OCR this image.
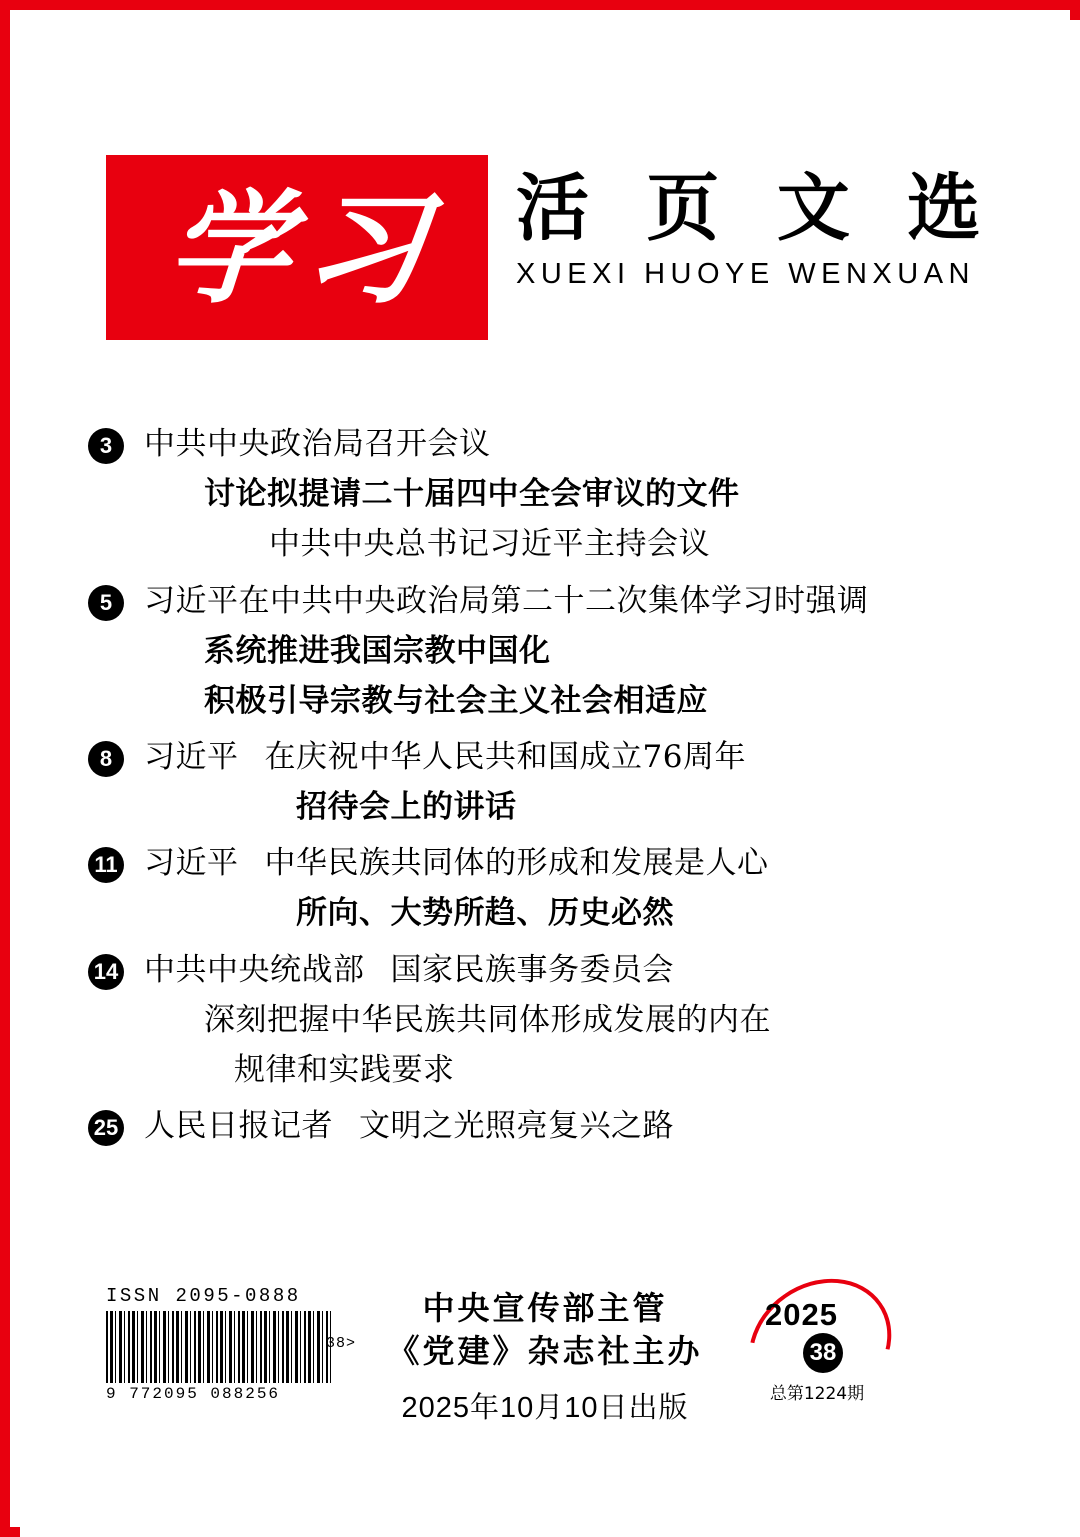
学习 活 页 文 选
XUEXI HUOYE WENXUAN
3	中共中央政治局召开会议
讨论拟提请二十届四中全会审议的文件
中共中央总书记习近平主持会议
5	习近平在中共中央政治局第二十二次集体学习时强调
系统推进我国宗教中国化
积极引导宗教与社会主义社会相适应
8	习近平 在庆祝中华人民共和国成立76周年
招待会上的讲话
11 习近平 中华民族共同体的形成和发展是人心
所向、大势所趋、历史必然
14 中共中央统战部 国家民族事务委员会
深刻把握中华民族共同体形成发展的内在
规律和实践要求
25 人民日报记者 文明之光照亮复兴之路
ISSN 2095-0888
38>
9 772095 088256
中央宣传部主管
《党建》杂志社主办
2025年10月10日出版
2025
38
总第1224期
